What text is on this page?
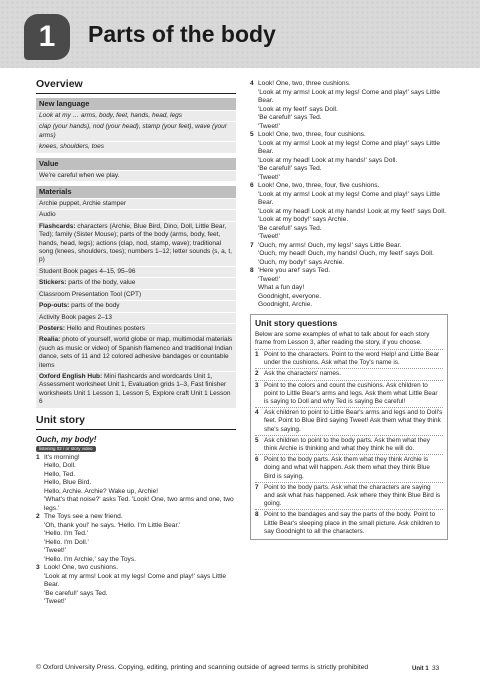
1	Parts of the body
Overview
New language
Look at my … arms, body, feet, hands, head, legs
clap (your hands), nod (your head), stamp (your feet), wave (your arms)
knees, shoulders, toes
Value
We're careful when we play.
Materials
Archie puppet, Archie stamper
Audio
Flashcards: characters (Archie, Blue Bird, Dino, Doll, Little Bear, Ted); family (Sister Mouse); parts of the body (arms, body, feet, hands, head, legs); actions (clap, nod, stamp, wave); traditional song (knees, shoulders, toes); numbers 1–12; letter sounds (s, a, t, p)
Student Book pages 4–15, 95–96
Stickers: parts of the body, value
Classroom Presentation Tool (CPT)
Pop-outs: parts of the body
Activity Book pages 2–13
Posters: Hello and Routines posters
Realia: photo of yourself, world globe or map, multimodal materials (such as music or video) of Spanish flamenco and traditional Indian dance, sets of 11 and 12 colored adhesive bandages or countable items
Oxford English Hub: Mini flashcards and wordcards Unit 1, Assessment worksheet Unit 1, Evaluation grids 1–3, Fast finisher worksheets Unit 1 Lesson 1, Lesson 5, Explore craft Unit 1 Lesson 6
Unit story
Ouch, my body!
listening 02 / or story video
1 It's morning!
Hello, Doll.
Hello, Ted.
Hello, Blue Bird.
Hello, Archie. Archie? Wake up, Archie!
'What's that noise?' asks Ted. 'Look! One, two arms and one, two legs.'
2 The Toys see a new friend.
'Oh, thank you!' he says. 'Hello. I'm Little Bear.'
'Hello. I'm Ted.'
'Hello. I'm Doll.'
'Tweet!'
'Hello. I'm Archie,' say the Toys.
3 Look! One, two cushions.
'Look at my arms! Look at my legs! Come and play!' says Little Bear.
'Be careful!' says Ted.
'Tweet!'
4 Look! One, two, three cushions.
'Look at my arms! Look at my legs! Come and play!' says Little Bear.
'Look at my feet!' says Doll.
'Be careful!' says Ted.
'Tweet!'
5 Look! One, two, three, four cushions.
'Look at my arms! Look at my legs! Come and play!' says Little Bear.
'Look at my head! Look at my hands!' says Doll.
'Be careful!' says Ted.
'Tweet!'
6 Look! One, two, three, four, five cushions.
'Look at my arms! Look at my legs! Come and play!' says Little Bear.
'Look at my head! Look at my hands! Look at my feet!' says Doll.
'Look at my body!' says Archie.
'Be careful!' says Ted.
'Tweet!'
7 'Ouch, my arms! Ouch, my legs!' says Little Bear.
'Ouch, my head! Ouch, my hands! Ouch, my feet!' says Doll.
'Ouch, my body!' says Archie.
8 'Here you are!' says Ted.
'Tweet!'
What a fun day!
Goodnight, everyone.
Goodnight, Archie.
Unit story questions
Below are some examples of what to talk about for each story frame from Lesson 3, after reading the story, if you choose.
1 Point to the characters. Point to the word Help! and Little Bear under the cushions. Ask what the Toy's name is.
2 Ask the characters' names.
3 Point to the colors and count the cushions. Ask children to point to Little Bear's arms and legs. Ask them what Little Bear is saying to Doll and why Ted is saying Be careful!
4 Ask children to point to Little Bear's arms and legs and to Doll's feet. Point to Blue Bird saying Tweet! Ask them what they think she's saying.
5 Ask children to point to the body parts. Ask them what they think Archie is thinking and what they think he will do.
6 Point to the body parts. Ask them what they think Archie is doing and what will happen. Ask them what they think Blue Bird is saying.
7 Point to the body parts. Ask what the characters are saying and ask what has happened. Ask where they think Blue Bird is going.
8 Point to the bandages and say the parts of the body. Point to Little Bear's sleeping place in the small picture. Ask children to say Goodnight to all the characters.
© Oxford University Press. Copying, editing, printing and scanning outside of agreed terms is strictly prohibited	Unit 1 33
